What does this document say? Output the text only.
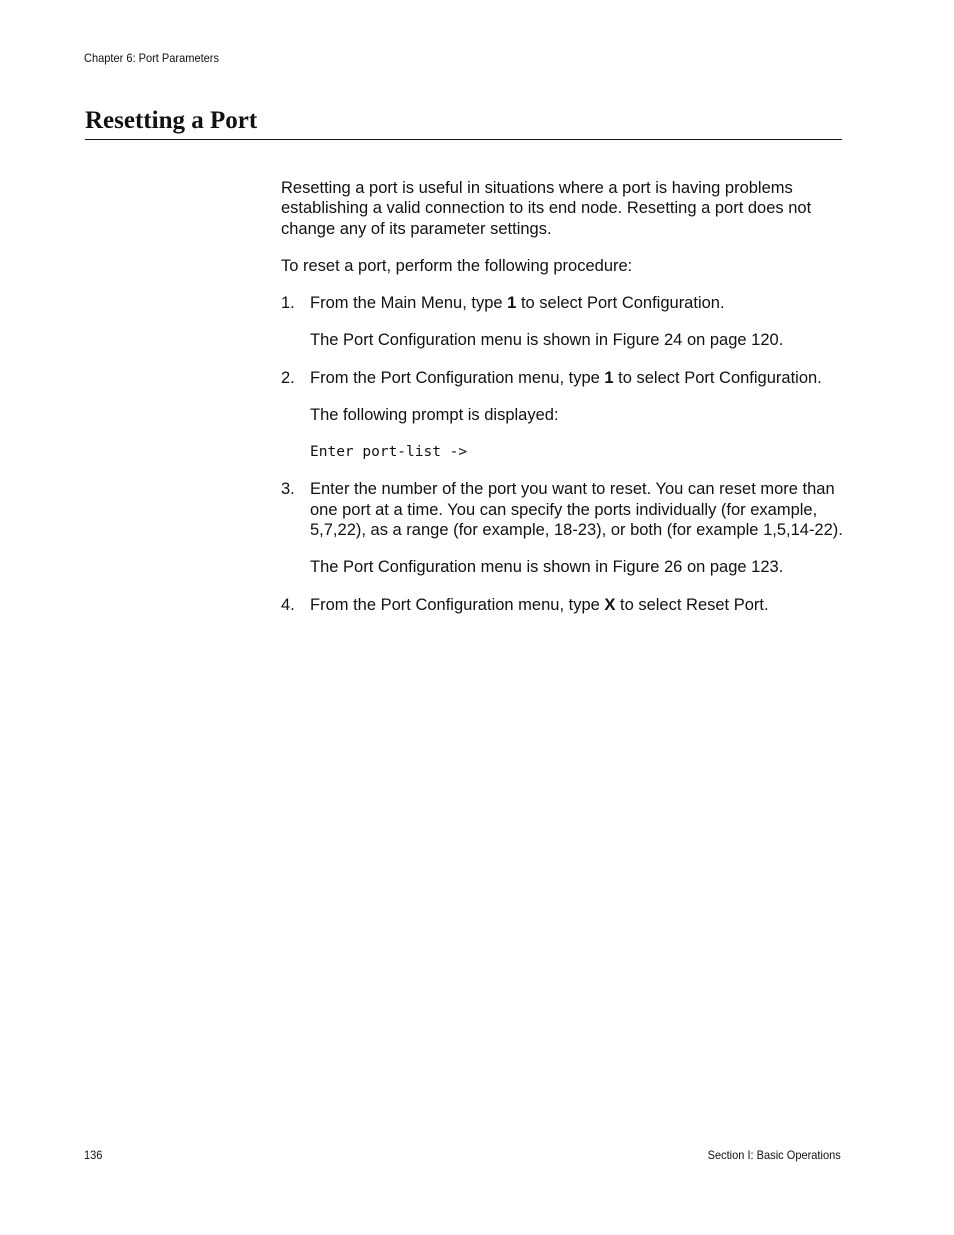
Chapter 6: Port Parameters
Resetting a Port

Resetting a port is useful in situations where a port is having problems establishing a valid connection to its end node. Resetting a port does not change any of its parameter settings.

To reset a port, perform the following procedure:

1. From the Main Menu, type 1 to select Port Configuration.

The Port Configuration menu is shown in Figure 24 on page 120.

2. From the Port Configuration menu, type 1 to select Port Configuration.

The following prompt is displayed:

Enter port-list ->
3. Enter the number of the port you want to reset. You can reset more than one port at a time. You can specify the ports individually (for example, 5,7,22), as a range (for example, 18-23), or both (for example 1,5,14-22).

The Port Configuration menu is shown in Figure 26 on page 123.

4. From the Port Configuration menu, type X to select Reset Port.
136	Section I: Basic Operations
